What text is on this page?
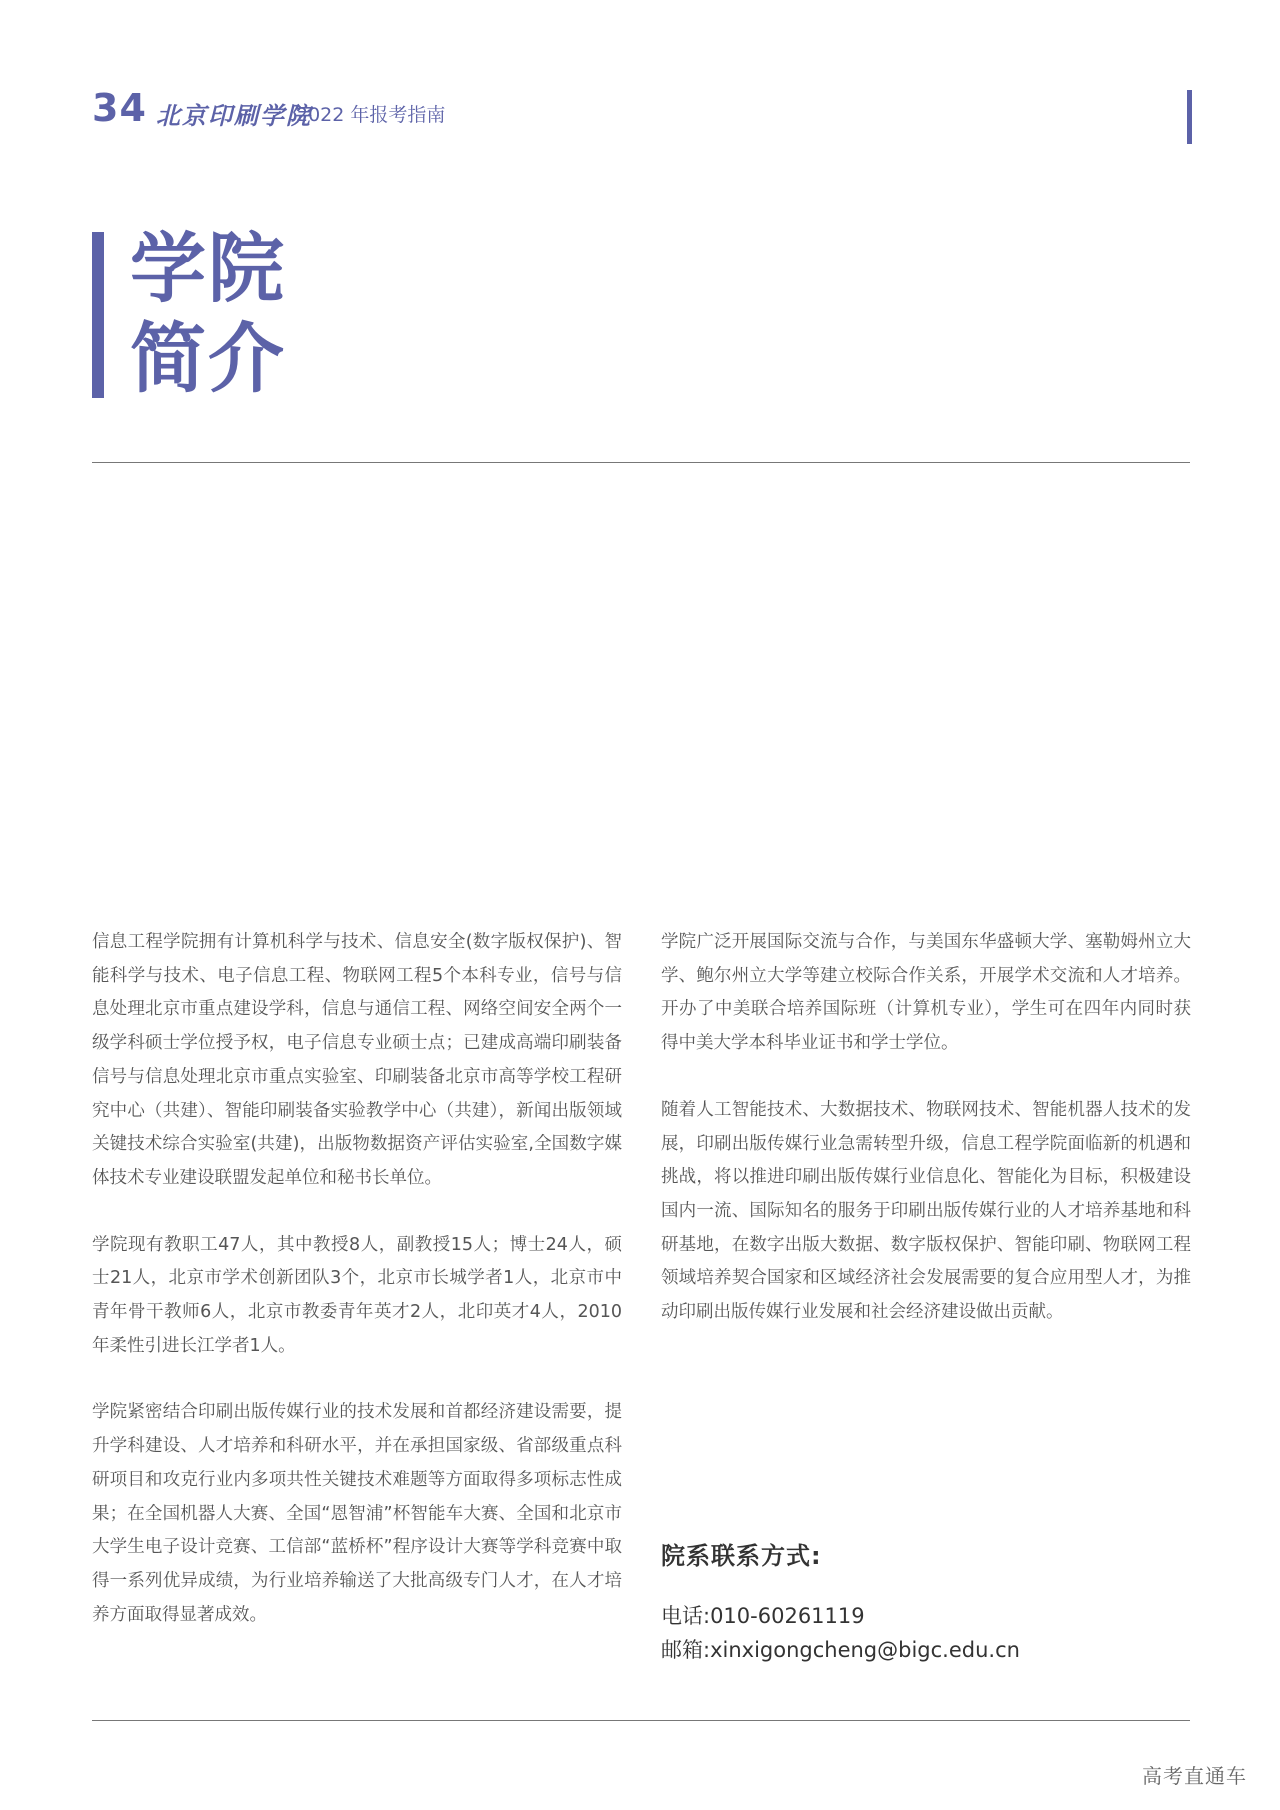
34 北京印刷学院
2022 年报考指南
学院
简介

信息工程学院拥有计算机科学与技术、信息安全(数字版权保护)、智能科学与技术、电子信息工程、物联网工程5个本科专业，信号与信息处理北京市重点建设学科，信息与通信工程、网络空间安全两个一级学科硕士学位授予权，电子信息专业硕士点；已建成高端印刷装备信号与信息处理北京市重点实验室、印刷装备北京市高等学校工程研究中心（共建）、智能印刷装备实验教学中心（共建），新闻出版领域关键技术综合实验室(共建)，出版物数据资产评估实验室,全国数字媒体技术专业建设联盟发起单位和秘书长单位。

学院现有教职工47人，其中教授8人，副教授15人；博士24人，硕士21人，北京市学术创新团队3个，北京市长城学者1人，北京市中青年骨干教师6人，北京市教委青年英才2人，北印英才4人，2010年柔性引进长江学者1人。

学院紧密结合印刷出版传媒行业的技术发展和首都经济建设需要，提升学科建设、人才培养和科研水平，并在承担国家级、省部级重点科研项目和攻克行业内多项共性关键技术难题等方面取得多项标志性成果；在全国机器人大赛、全国“恩智浦”杯智能车大赛、全国和北京市大学生电子设计竞赛、工信部“蓝桥杯”程序设计大赛等学科竞赛中取得一系列优异成绩，为行业培养输送了大批高级专门人才，在人才培养方面取得显著成效。

学院广泛开展国际交流与合作，与美国东华盛顿大学、塞勒姆州立大学、鲍尔州立大学等建立校际合作关系，开展学术交流和人才培养。开办了中美联合培养国际班（计算机专业），学生可在四年内同时获得中美大学本科毕业证书和学士学位。

随着人工智能技术、大数据技术、物联网技术、智能机器人技术的发展，印刷出版传媒行业急需转型升级，信息工程学院面临新的机遇和挑战，将以推进印刷出版传媒行业信息化、智能化为目标，积极建设国内一流、国际知名的服务于印刷出版传媒行业的人才培养基地和科研基地，在数字出版大数据、数字版权保护、智能印刷、物联网工程领域培养契合国家和区域经济社会发展需要的复合应用型人才，为推动印刷出版传媒行业发展和社会经济建设做出贡献。

院系联系方式:
电话:010-60261119
邮箱:xinxigongcheng@bigc.edu.cn
高考直通车
